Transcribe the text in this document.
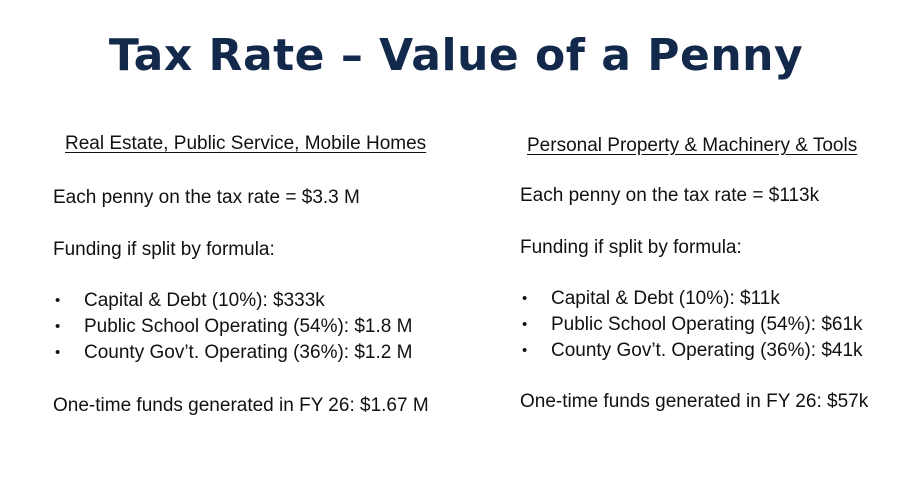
Tax Rate – Value of a Penny
Real Estate, Public Service, Mobile Homes
Each penny on the tax rate = $3.3 M
Funding if split by formula:
• Capital & Debt (10%): $333k
• Public School Operating (54%): $1.8 M
• County Gov’t. Operating (36%): $1.2 M
One-time funds generated in FY 26: $1.67 M
Personal Property & Machinery & Tools
Each penny on the tax rate = $113k
Funding if split by formula:
• Capital & Debt (10%): $11k
• Public School Operating (54%): $61k
• County Gov’t. Operating (36%): $41k
One-time funds generated in FY 26: $57k
